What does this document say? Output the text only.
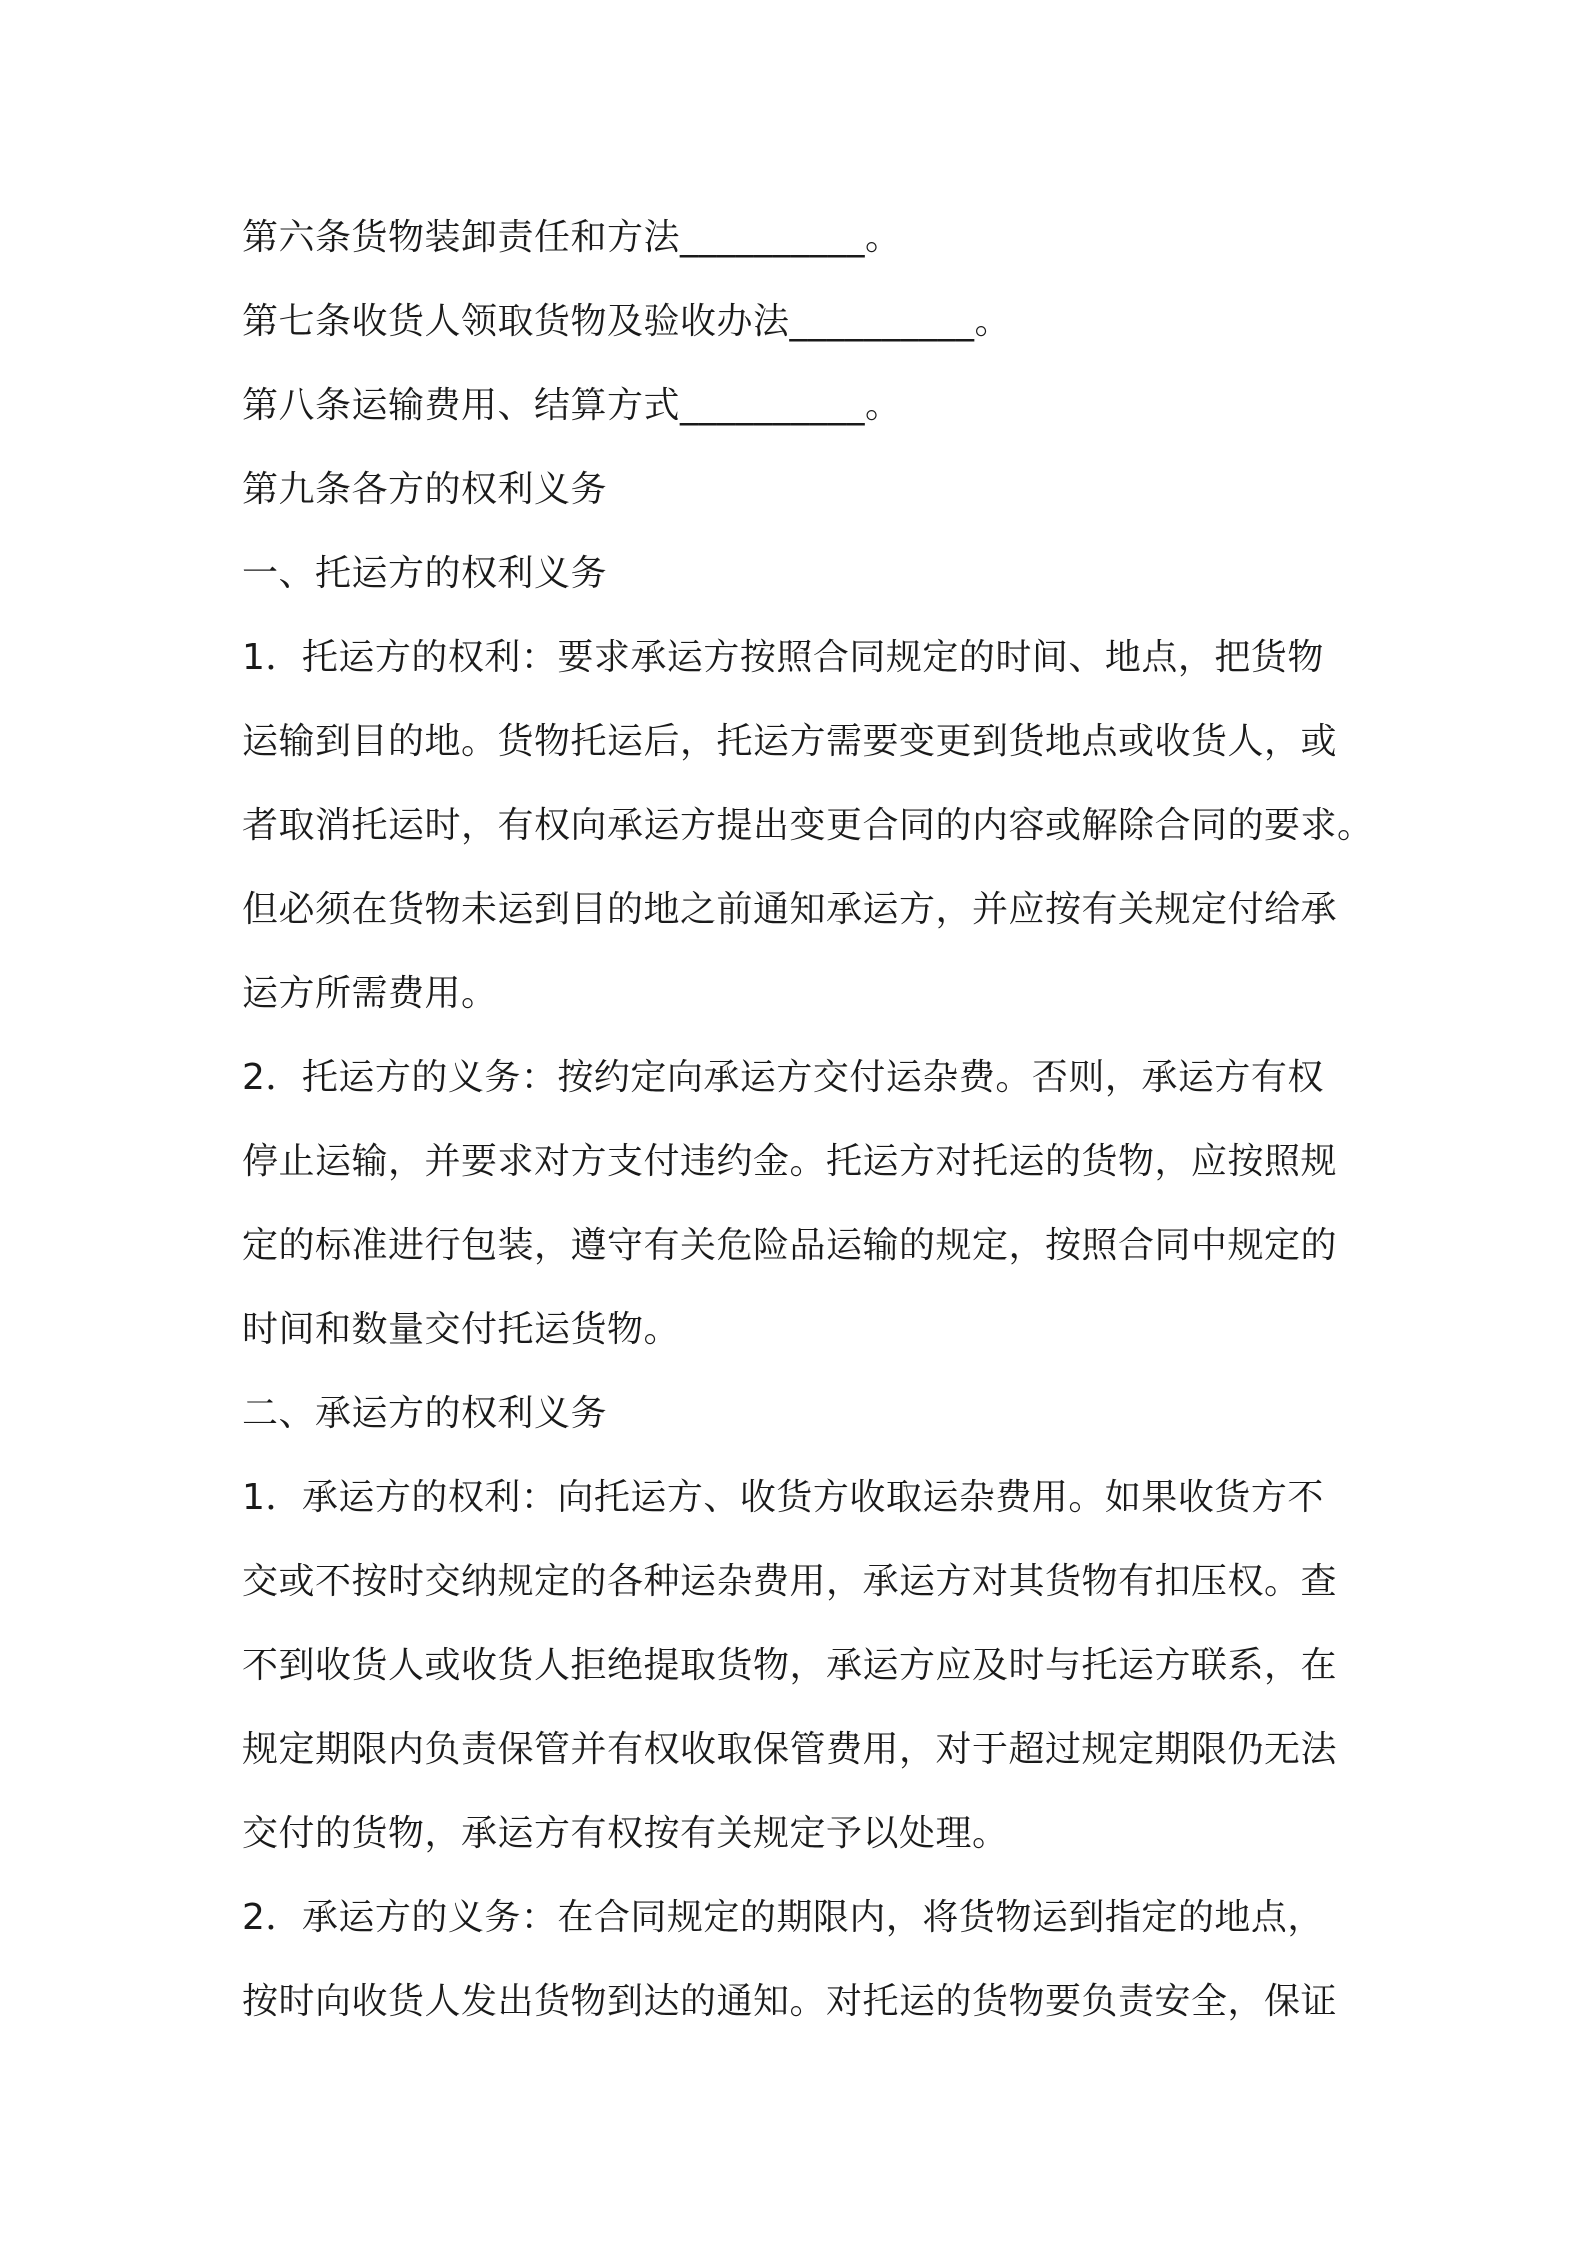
第六条货物装卸责任和方法__________。
第七条收货人领取货物及验收办法__________。
第八条运输费用、结算方式__________。
第九条各方的权利义务
一、托运方的权利义务
1．托运方的权利：要求承运方按照合同规定的时间、地点，把货物
运输到目的地。货物托运后，托运方需要变更到货地点或收货人，或
者取消托运时，有权向承运方提出变更合同的内容或解除合同的要求。
但必须在货物未运到目的地之前通知承运方，并应按有关规定付给承
运方所需费用。
2．托运方的义务：按约定向承运方交付运杂费。否则，承运方有权
停止运输，并要求对方支付违约金。托运方对托运的货物，应按照规
定的标准进行包装，遵守有关危险品运输的规定，按照合同中规定的
时间和数量交付托运货物。
二、承运方的权利义务
1．承运方的权利：向托运方、收货方收取运杂费用。如果收货方不
交或不按时交纳规定的各种运杂费用，承运方对其货物有扣压权。查
不到收货人或收货人拒绝提取货物，承运方应及时与托运方联系，在
规定期限内负责保管并有权收取保管费用，对于超过规定期限仍无法
交付的货物，承运方有权按有关规定予以处理。
2．承运方的义务：在合同规定的期限内，将货物运到指定的地点，
按时向收货人发出货物到达的通知。对托运的货物要负责安全，保证
